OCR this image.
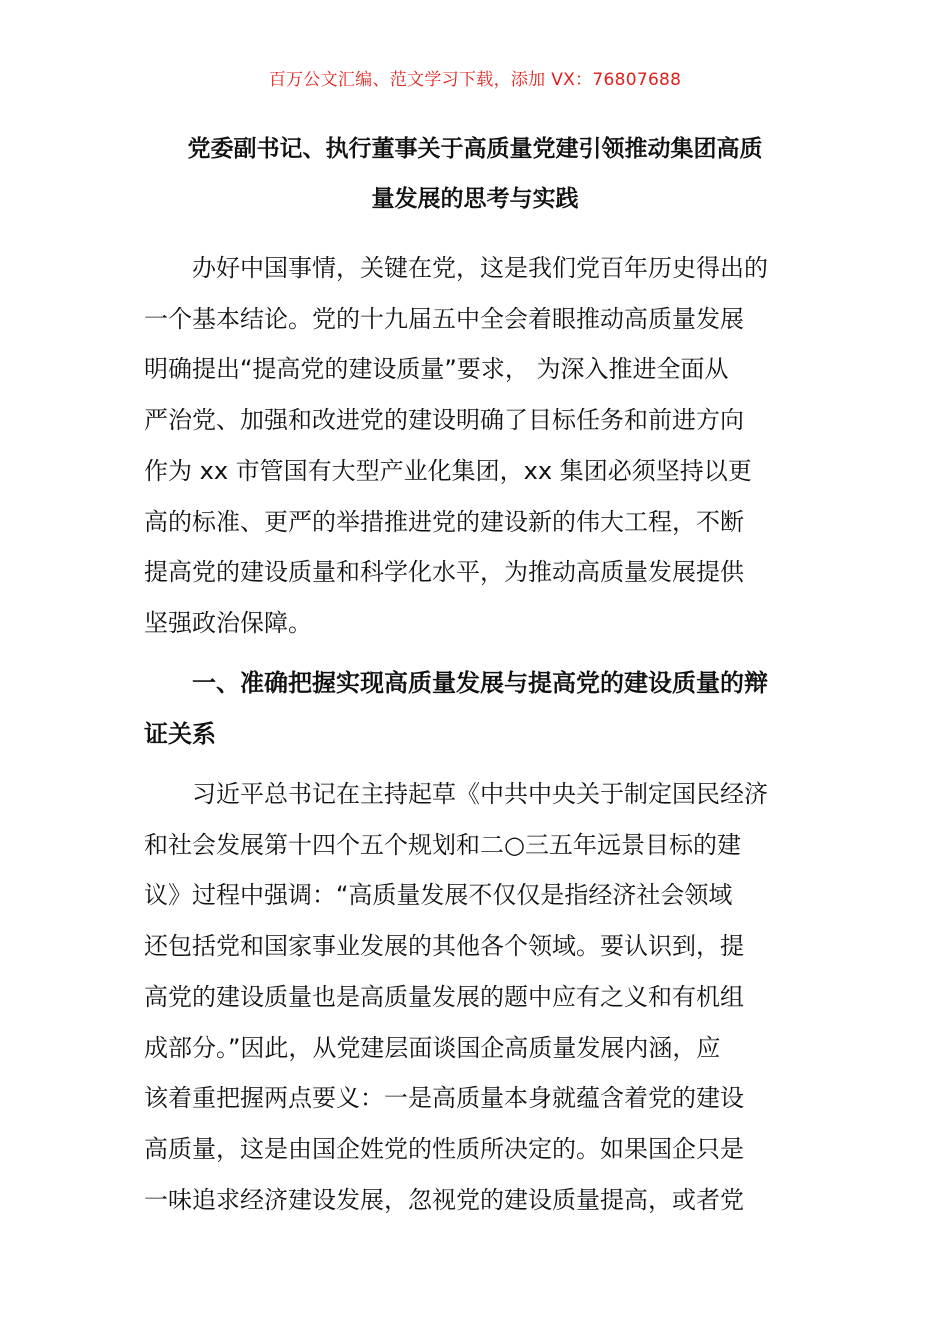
百万公文汇编、范文学习下载，添加 VX：76807688
党委副书记、执行董事关于高质量党建引领推动集团高质
量发展的思考与实践
办好中国事情，关键在党，这是我们党百年历史得出的
一个基本结论。党的十九届五中全会着眼推动高质量发展
明确提出“提高党的建设质量”要求， 为深入推进全面从
严治党、加强和改进党的建设明确了目标任务和前进方向
作为 xx 市管国有大型产业化集团，xx 集团必须坚持以更
高的标准、更严的举措推进党的建设新的伟大工程，不断
提高党的建设质量和科学化水平，为推动高质量发展提供
坚强政治保障。
一、准确把握实现高质量发展与提高党的建设质量的辩
证关系
习近平总书记在主持起草《中共中央关于制定国民经济
和社会发展第十四个五个规划和二○三五年远景目标的建
议》过程中强调：“高质量发展不仅仅是指经济社会领域
还包括党和国家事业发展的其他各个领域。要认识到，提
高党的建设质量也是高质量发展的题中应有之义和有机组
成部分。”因此，从党建层面谈国企高质量发展内涵，应
该着重把握两点要义：一是高质量本身就蕴含着党的建设
高质量，这是由国企姓党的性质所决定的。如果国企只是
一味追求经济建设发展，忽视党的建设质量提高，或者党
